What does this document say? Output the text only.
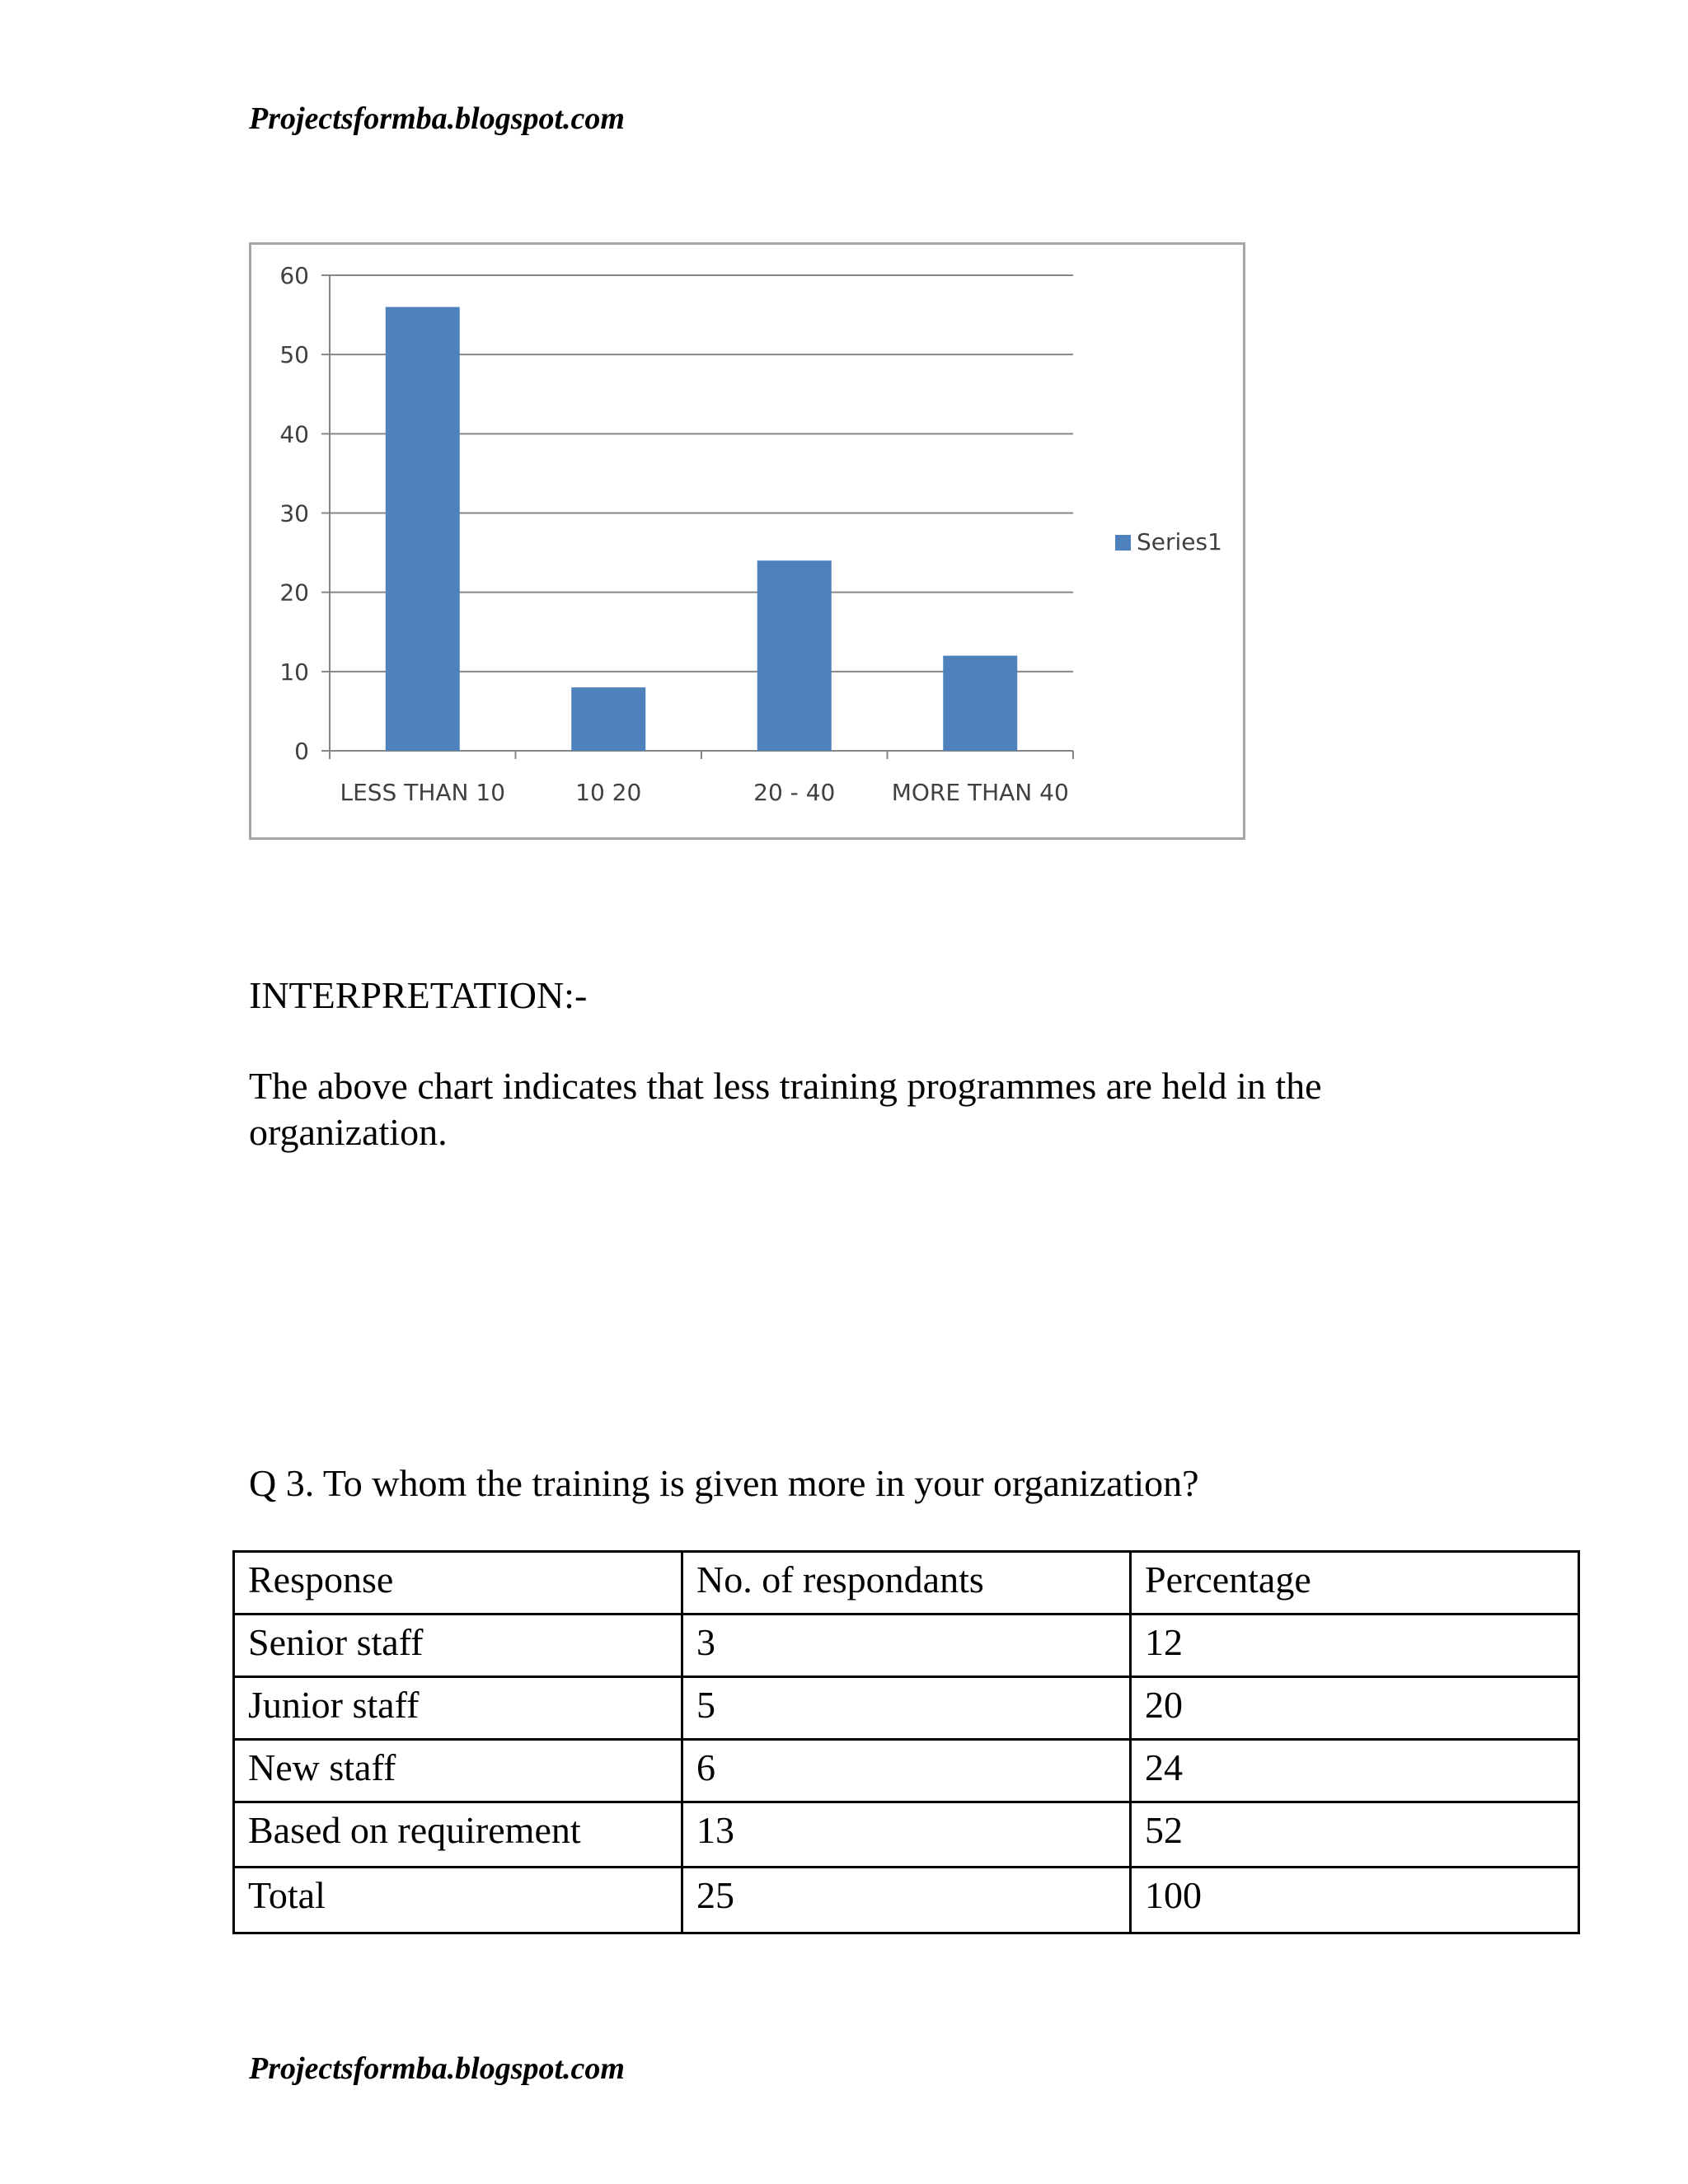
Projectsformba.blogspot.com
0
10
20
30
40
50
60
LESS THAN 10	10 20	20 - 40 MORE THAN 40
Series1
INTERPRETATION:-
The above chart indicates that less training programmes are held in the organization.
Q 3. To whom the training is given more in your organization?
Response	No. of respondants	Percentage
Senior staff	3	12
Junior staff	5	20
New staff	6	24
Based on requirement	13	52
Total	25	100
Projectsformba.blogspot.com
